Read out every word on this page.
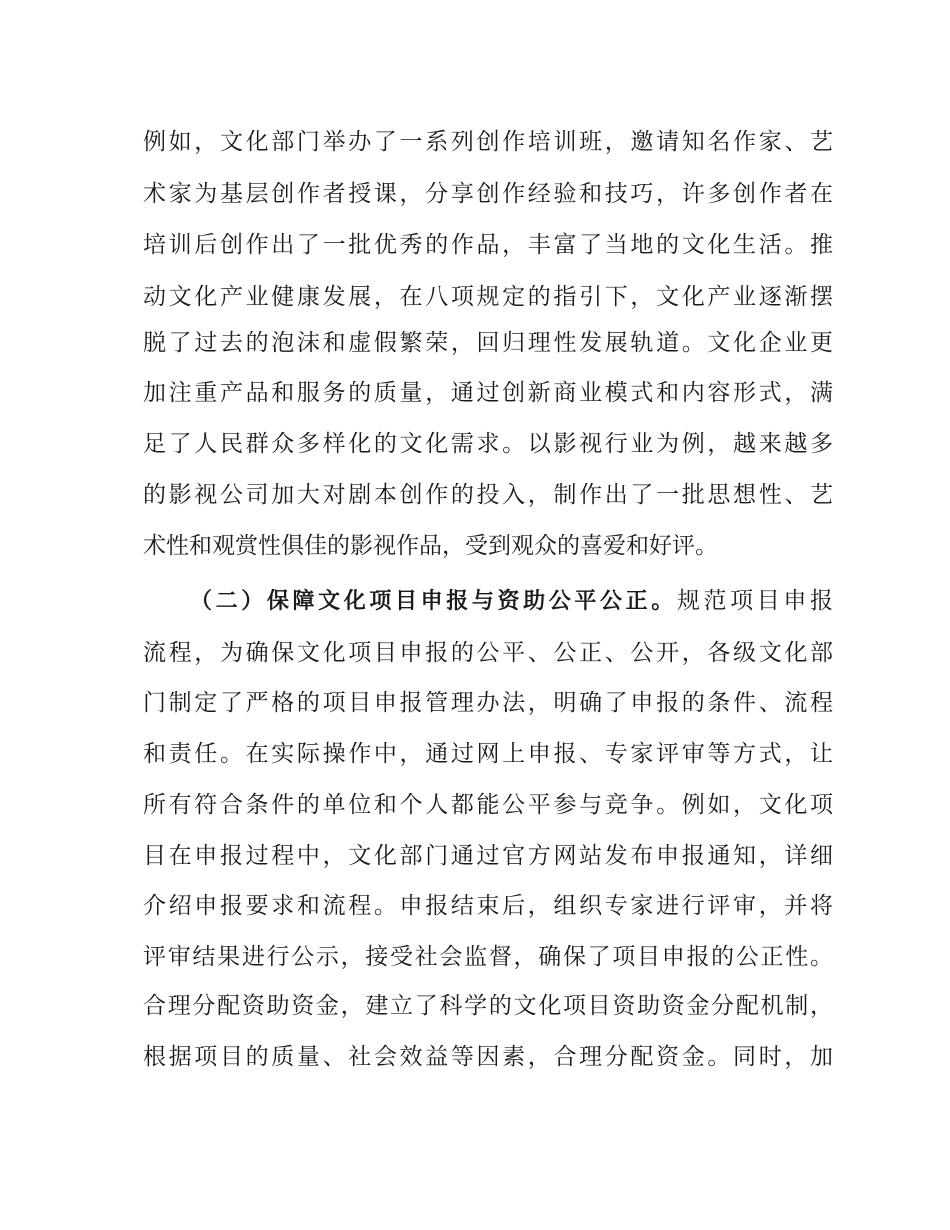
例如，文化部门举办了一系列创作培训班，邀请知名作家、艺
术家为基层创作者授课，分享创作经验和技巧，许多创作者在
培训后创作出了一批优秀的作品，丰富了当地的文化生活。推
动文化产业健康发展，在八项规定的指引下，文化产业逐渐摆
脱了过去的泡沫和虚假繁荣，回归理性发展轨道。文化企业更
加注重产品和服务的质量，通过创新商业模式和内容形式，满
足了人民群众多样化的文化需求。以影视行业为例，越来越多
的影视公司加大对剧本创作的投入，制作出了一批思想性、艺
术性和观赏性俱佳的影视作品，受到观众的喜爱和好评。
（二）保障文化项目申报与资助公平公正。规范项目申报
流程，为确保文化项目申报的公平、公正、公开，各级文化部
门制定了严格的项目申报管理办法，明确了申报的条件、流程
和责任。在实际操作中，通过网上申报、专家评审等方式，让
所有符合条件的单位和个人都能公平参与竞争。例如，文化项
目在申报过程中，文化部门通过官方网站发布申报通知，详细
介绍申报要求和流程。申报结束后，组织专家进行评审，并将
评审结果进行公示，接受社会监督，确保了项目申报的公正性。
合理分配资助资金，建立了科学的文化项目资助资金分配机制，
根据项目的质量、社会效益等因素，合理分配资金。同时，加
